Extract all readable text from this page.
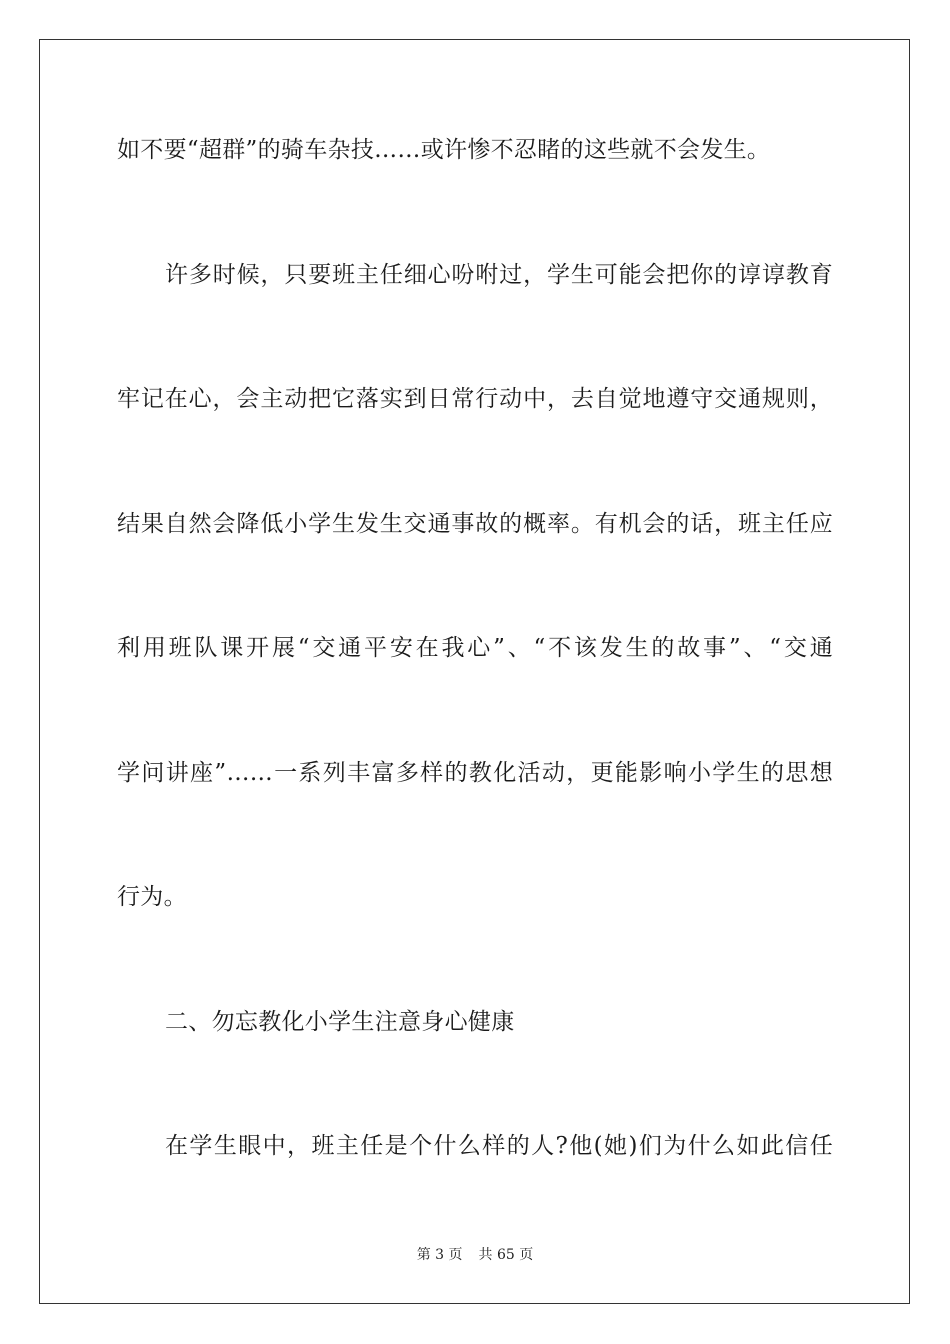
如不要“超群”的骑车杂技……或许惨不忍睹的这些就不会发生。
许多时候，只要班主任细心吩咐过，学生可能会把你的谆谆教育
牢记在心，会主动把它落实到日常行动中，去自觉地遵守交通规则，
结果自然会降低小学生发生交通事故的概率。有机会的话，班主任应
利用班队课开展“交通平安在我心”、“不该发生的故事”、“交通
学问讲座”……一系列丰富多样的教化活动，更能影响小学生的思想
行为。
二、勿忘教化小学生注意身心健康
在学生眼中，班主任是个什么样的人?他(她)们为什么如此信任
第 3 页 共 65 页
